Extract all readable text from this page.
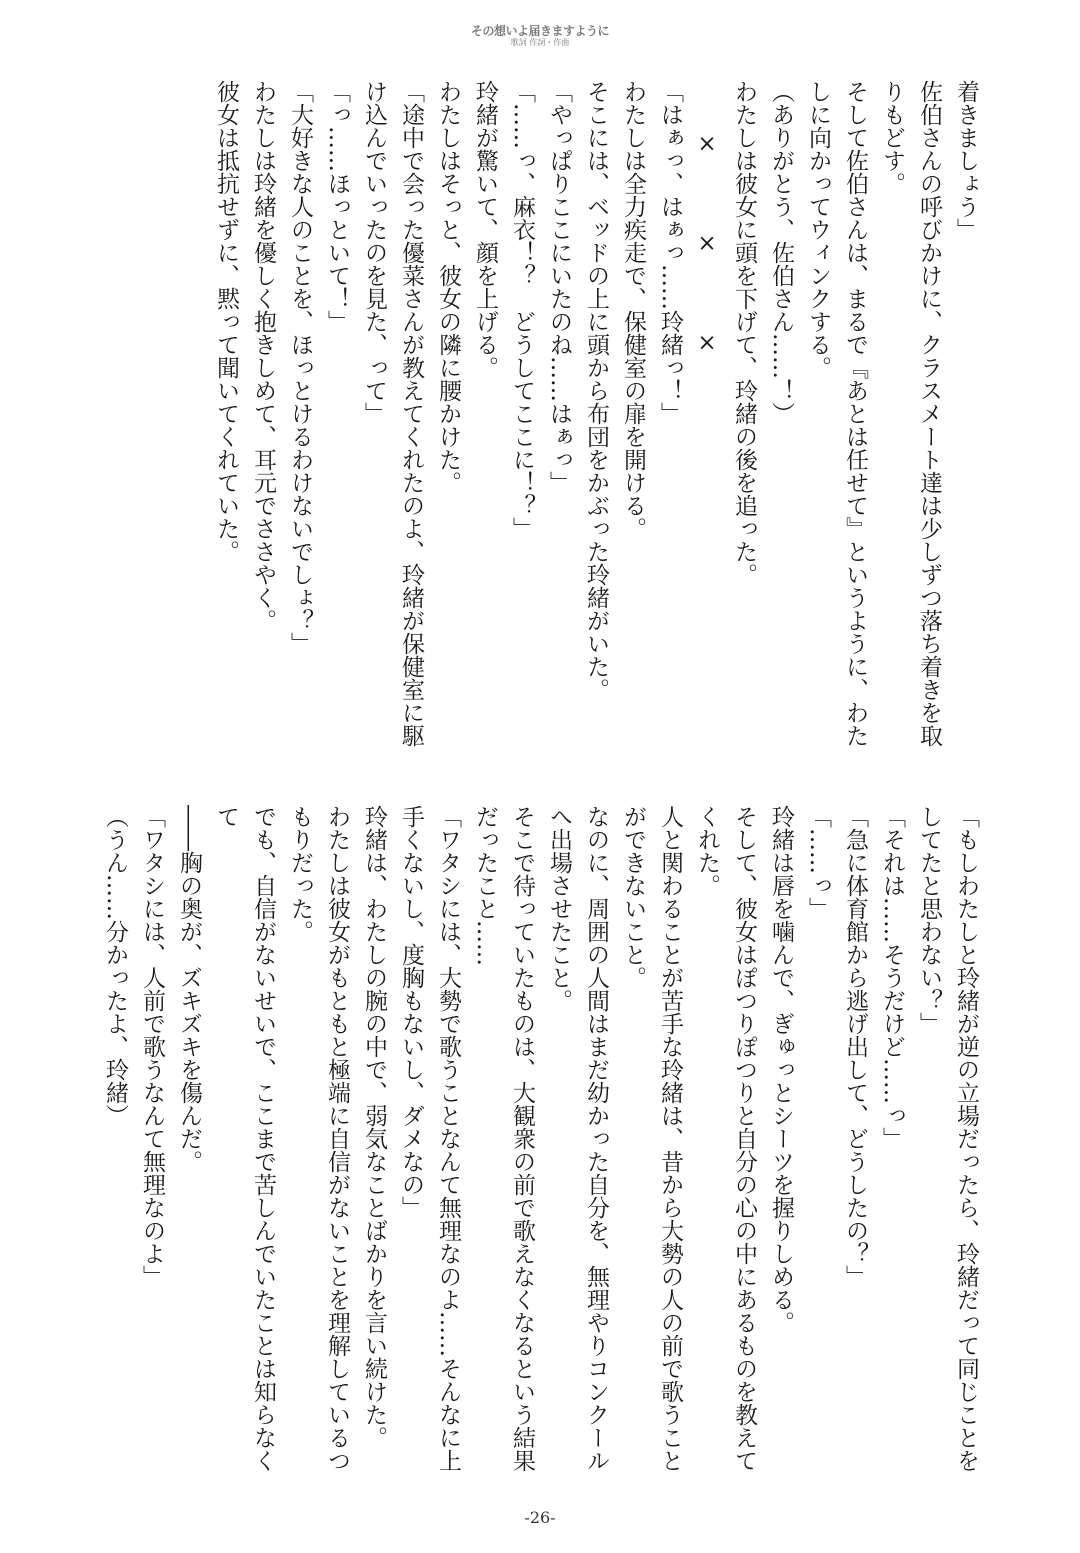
その想いよ届きますように
歌詞 作詞・作曲

着きましょう」

佐伯さんの呼びかけに、クラスメート達は少しずつ落ち着きを取りもどす。

そして佐伯さんは、まるで『あとは任せて』というように、わたしに向かってウィンクする。

（ありがとう、佐伯さん……！）

わたしは彼女に頭を下げて、玲緒の後を追った。

×　×　×

「はぁっ、はぁっ……玲緒っ！」

わたしは全力疾走で、保健室の扉を開ける。

そこには、ベッドの上に頭から布団をかぶった玲緒がいた。

「やっぱりここにいたのね……はぁっ」

「……っ、麻衣！？　どうしてここに！？」

玲緒が驚いて、顔を上げる。

わたしはそっと、彼女の隣に腰かけた。

「途中で会った優菜さんが教えてくれたのよ、玲緒が保健室に駆け込んでいったのを見た、って」

「っ……ほっといて！」

「大好きな人のことを、ほっとけるわけないでしょ？」

わたしは玲緒を優しく抱きしめて、耳元でささやく。

彼女は抵抗せずに、黙って聞いてくれていた。

「もしわたしと玲緒が逆の立場だったら、玲緒だって同じことをしてたと思わない？」

「それは……そうだけど……っ」

「急に体育館から逃げ出して、どうしたの？」

「……っ」

玲緒は唇を噛んで、ぎゅっとシーツを握りしめる。

そして、彼女はぽつりぽつりと自分の心の中にあるものを教えてくれた。

人と関わることが苦手な玲緒は、昔から大勢の人の前で歌うことができないこと。

なのに、周囲の人間はまだ幼かった自分を、無理やりコンクールへ出場させたこと。

そこで待っていたものは、大観衆の前で歌えなくなるという結果だったこと……

「ワタシには、大勢で歌うことなんて無理なのよ……そんなに上手くないし、度胸もないし、ダメなの」

玲緒は、わたしの腕の中で、弱気なことばかりを言い続けた。

わたしは彼女がもともと極端に自信がないことを理解しているつもりだった。

でも、自信がないせいで、ここまで苦しんでいたことは知らなくて

――胸の奥が、ズキズキを傷んだ。

「ワタシには、人前で歌うなんて無理なのよ」

（うん……分かったよ、玲緒）

-26-
